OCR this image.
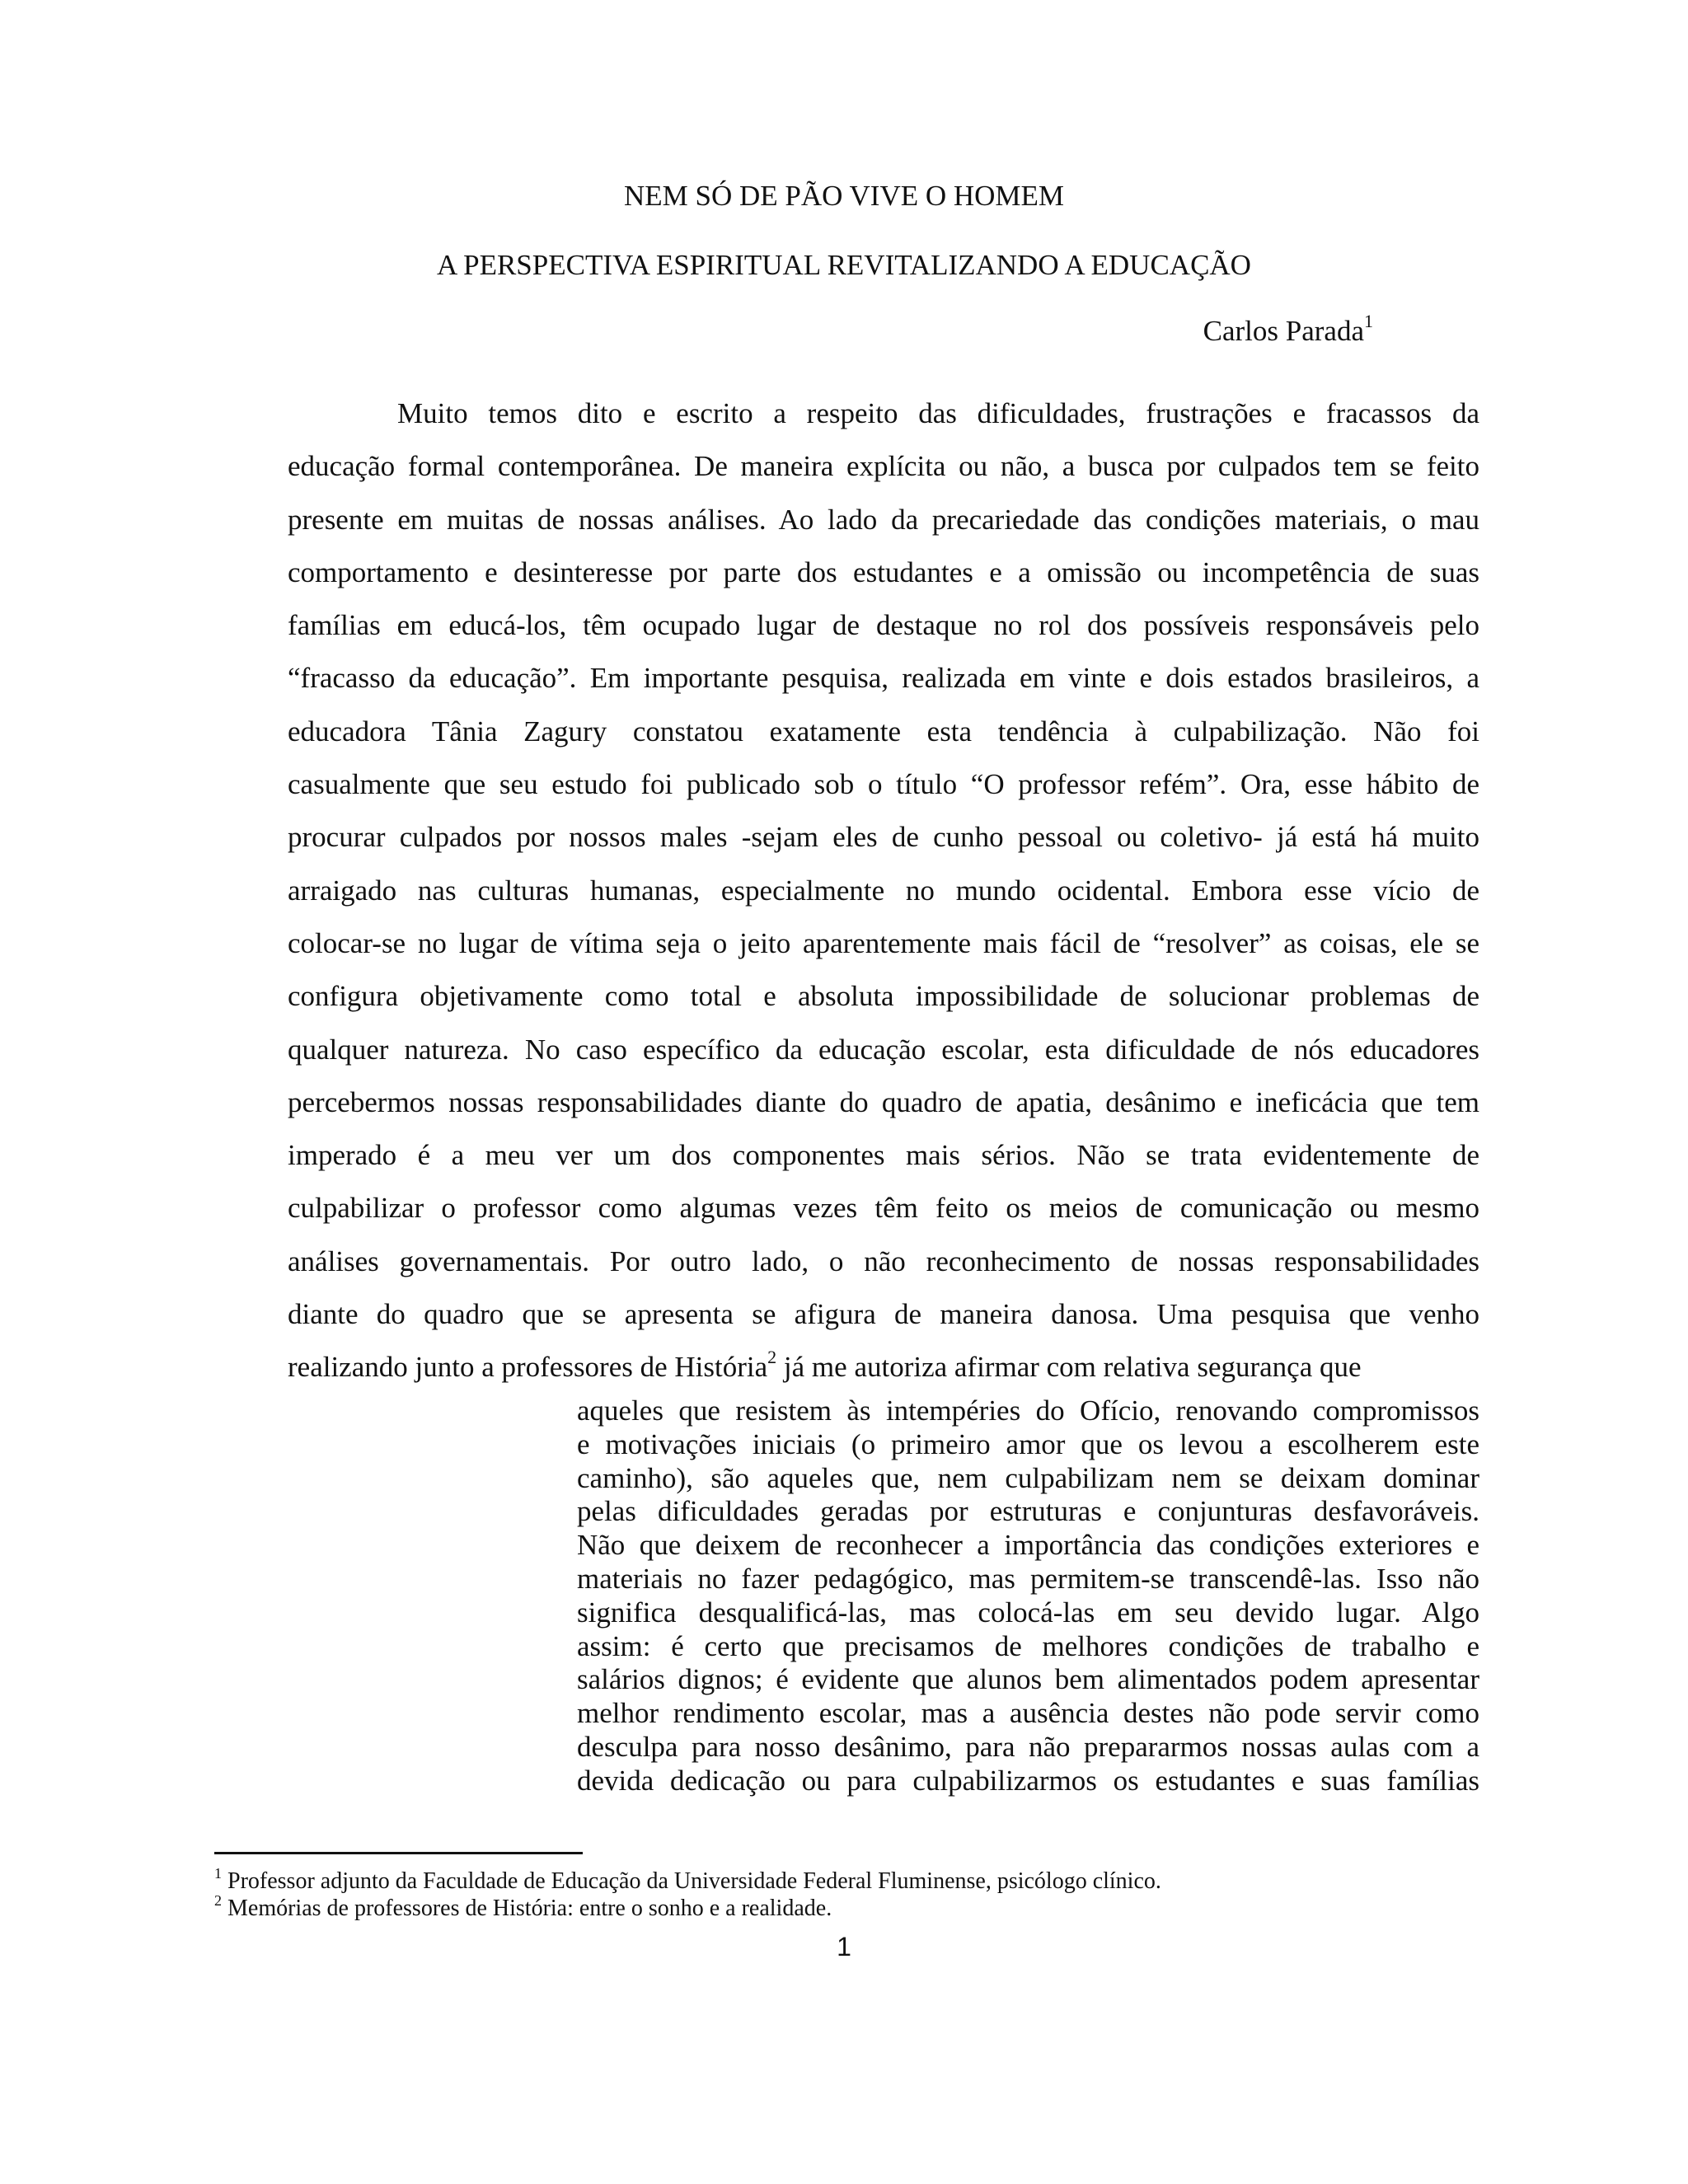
NEM SÓ DE PÃO VIVE O HOMEM
A PERSPECTIVA ESPIRITUAL REVITALIZANDO A EDUCAÇÃO
Carlos Parada$^1$
Muito temos dito e escrito a respeito das dificuldades, frustrações e fracassos da
educação formal contemporânea. De maneira explícita ou não, a busca por culpados tem se feito
presente em muitas de nossas análises. Ao lado da precariedade das condições materiais, o mau
comportamento e desinteresse por parte dos estudantes e a omissão ou incompetência de suas
famílias em educá-los, têm ocupado lugar de destaque no rol dos possíveis responsáveis pelo
“fracasso da educação”. Em importante pesquisa, realizada em vinte e dois estados brasileiros, a
educadora Tânia Zagury constatou exatamente esta tendência à culpabilização. Não foi
casualmente que seu estudo foi publicado sob o título “O professor refém”. Ora, esse hábito de
procurar culpados por nossos males -sejam eles de cunho pessoal ou coletivo- já está há muito
arraigado nas culturas humanas, especialmente no mundo ocidental. Embora esse vício de
colocar-se no lugar de vítima seja o jeito aparentemente mais fácil de “resolver” as coisas, ele se
configura objetivamente como total e absoluta impossibilidade de solucionar problemas de
qualquer natureza. No caso específico da educação escolar, esta dificuldade de nós educadores
percebermos nossas responsabilidades diante do quadro de apatia, desânimo e ineficácia que tem
imperado é a meu ver um dos componentes mais sérios. Não se trata evidentemente de
culpabilizar o professor como algumas vezes têm feito os meios de comunicação ou mesmo
análises governamentais. Por outro lado, o não reconhecimento de nossas responsabilidades
diante do quadro que se apresenta se afigura de maneira danosa. Uma pesquisa que venho
realizando junto a professores de História$^2$ já me autoriza afirmar com relativa segurança que
aqueles que resistem às intempéries do Ofício, renovando compromissos
e motivações iniciais (o primeiro amor que os levou a escolherem este
caminho), são aqueles que, nem culpabilizam nem se deixam dominar
pelas dificuldades geradas por estruturas e conjunturas desfavoráveis.
Não que deixem de reconhecer a importância das condições exteriores e
materiais no fazer pedagógico, mas permitem-se transcendê-las. Isso não
significa desqualificá-las, mas colocá-las em seu devido lugar. Algo
assim: é certo que precisamos de melhores condições de trabalho e
salários dignos; é evidente que alunos bem alimentados podem apresentar
melhor rendimento escolar, mas a ausência destes não pode servir como
desculpa para nosso desânimo, para não prepararmos nossas aulas com a
devida dedicação ou para culpabilizarmos os estudantes e suas famílias
$^1$ Professor adjunto da Faculdade de Educação da Universidade Federal Fluminense, psicólogo clínico.
$^2$ Memórias de professores de História: entre o sonho e a realidade.
1
